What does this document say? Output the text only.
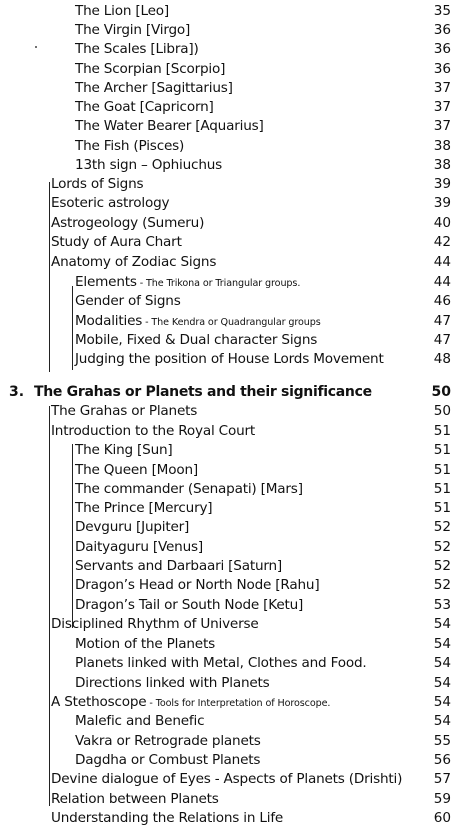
The Lion [Leo]	35
The Virgin [Virgo]	36
The Scales [Libra])	36
The Scorpian [Scorpio]	36
The Archer [Sagittarius]	37
The Goat [Capricorn]	37
The Water Bearer [Aquarius]	37
The Fish (Pisces)	38
13th sign – Ophiuchus	38
Lords of Signs	39
Esoteric astrology	39
Astrogeology (Sumeru)	40
Study of Aura Chart	42
Anatomy of Zodiac Signs	44
Elements - The Trikona or Triangular groups.	44
Gender of Signs	46
Modalities - The Kendra or Quadrangular groups	47
Mobile, Fixed & Dual character Signs	47
Judging the position of House Lords Movement	48
3. The Grahas or Planets and their significance	50
The Grahas or Planets	50
Introduction to the Royal Court	51
The King [Sun]	51
The Queen [Moon]	51
The commander (Senapati) [Mars]	51
The Prince [Mercury]	51
Devguru [Jupiter]	52
Daityaguru [Venus]	52
Servants and Darbaari [Saturn]	52
Dragon’s Head or North Node [Rahu]	52
Dragon’s Tail or South Node [Ketu]	53
Disciplined Rhythm of Universe	54
Motion of the Planets	54
Planets linked with Metal, Clothes and Food.	54
Directions linked with Planets	54
A Stethoscope - Tools for Interpretation of Horoscope.	54
Malefic and Benefic	54
Vakra or Retrograde planets	55
Dagdha or Combust Planets	56
Devine dialogue of Eyes - Aspects of Planets (Drishti)	57
Relation between Planets	59
Understanding the Relations in Life	60
